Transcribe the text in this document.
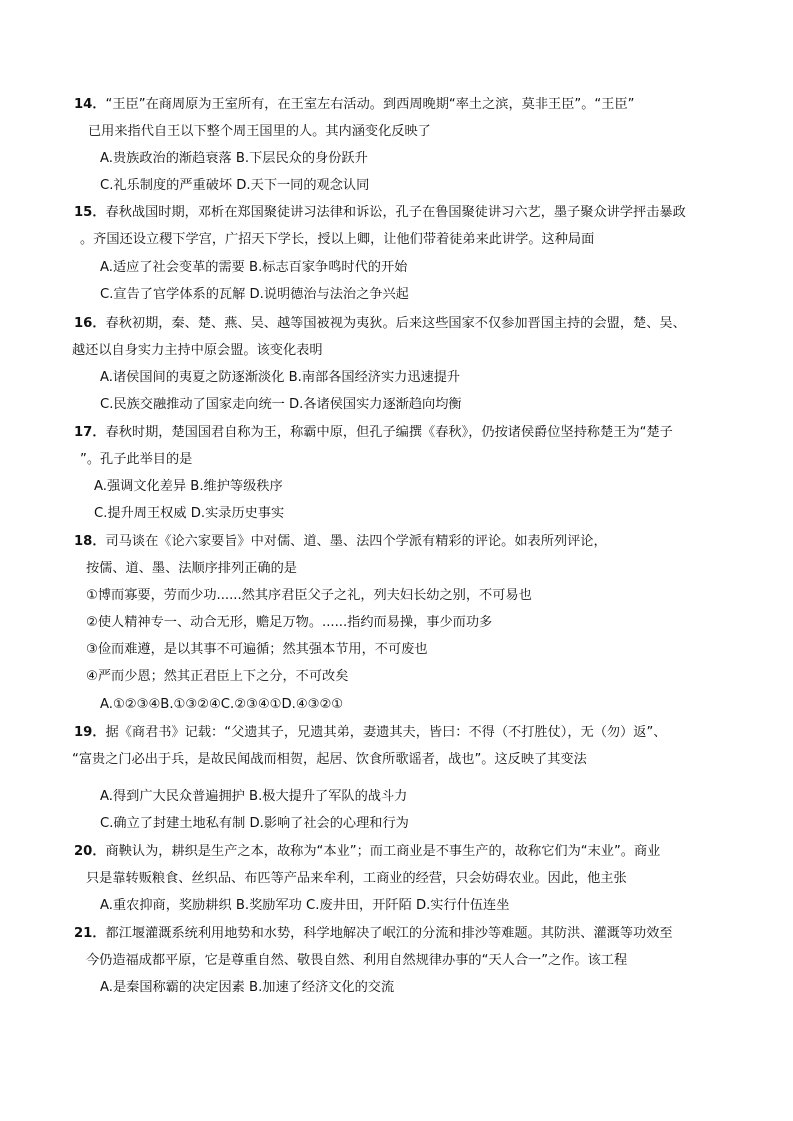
14．“王臣”在商周原为王室所有，在王室左右活动。到西周晚期“率土之滨，莫非王臣”。“王臣”
已用来指代自王以下整个周王国里的人。其内涵变化反映了
A.贵族政治的渐趋衰落 B.下层民众的身份跃升
C.礼乐制度的严重破坏 D.天下一同的观念认同
15．春秋战国时期，邓析在郑国聚徒讲习法律和诉讼，孔子在鲁国聚徒讲习六艺，墨子聚众讲学抨击暴政
。齐国还设立稷下学宫，广招天下学长，授以上卿，让他们带着徒弟来此讲学。这种局面
A.适应了社会变革的需要 B.标志百家争鸣时代的开始
C.宣告了官学体系的瓦解 D.说明德治与法治之争兴起
16．春秋初期，秦、楚、燕、吴、越等国被视为夷狄。后来这些国家不仅参加晋国主持的会盟，楚、吴、
越还以自身实力主持中原会盟。该变化表明
A.诸侯国间的夷夏之防逐渐淡化 B.南部各国经济实力迅速提升
C.民族交融推动了国家走向统一 D.各诸侯国实力逐渐趋向均衡
17．春秋时期，楚国国君自称为王，称霸中原，但孔子编撰《春秋》，仍按诸侯爵位坚持称楚王为“楚子
”。孔子此举目的是
A.强调文化差异 B.维护等级秩序
C.提升周王权威 D.实录历史事实
18．司马谈在《论六家要旨》中对儒、道、墨、法四个学派有精彩的评论。如表所列评论，
按儒、道、墨、法顺序排列正确的是
①博而寡要，劳而少功......然其序君臣父子之礼，列夫妇长幼之别，不可易也
②使人精神专一、动合无形，赡足万物。......指约而易操，事少而功多
③俭而难遵，是以其事不可遍循；然其强本节用，不可废也
④严而少恩；然其正君臣上下之分，不可改矣
A.①②③④B.①③②④C.②③④①D.④③②①
19．据《商君书》记载：“父遗其子，兄遗其弟，妻遗其夫，皆曰：不得（不打胜仗），无（勿）返”、
“富贵之门必出于兵，是故民闻战而相贺，起居、饮食所歌谣者，战也”。这反映了其变法
A.得到广大民众普遍拥护 B.极大提升了军队的战斗力
C.确立了封建土地私有制 D.影响了社会的心理和行为
20．商鞅认为，耕织是生产之本，故称为“本业”；而工商业是不事生产的，故称它们为“末业”。商业
只是靠转贩粮食、丝织品、布匹等产品来牟利，工商业的经营，只会妨碍农业。因此，他主张
A.重农抑商，奖励耕织 B.奖励军功 C.废井田，开阡陌 D.实行什伍连坐
21．都江堰灌溉系统利用地势和水势，科学地解决了岷江的分流和排沙等难题。其防洪、灌溉等功效至
今仍造福成都平原，它是尊重自然、敬畏自然、利用自然规律办事的“天人合一”之作。该工程
A.是秦国称霸的决定因素 B.加速了经济文化的交流
